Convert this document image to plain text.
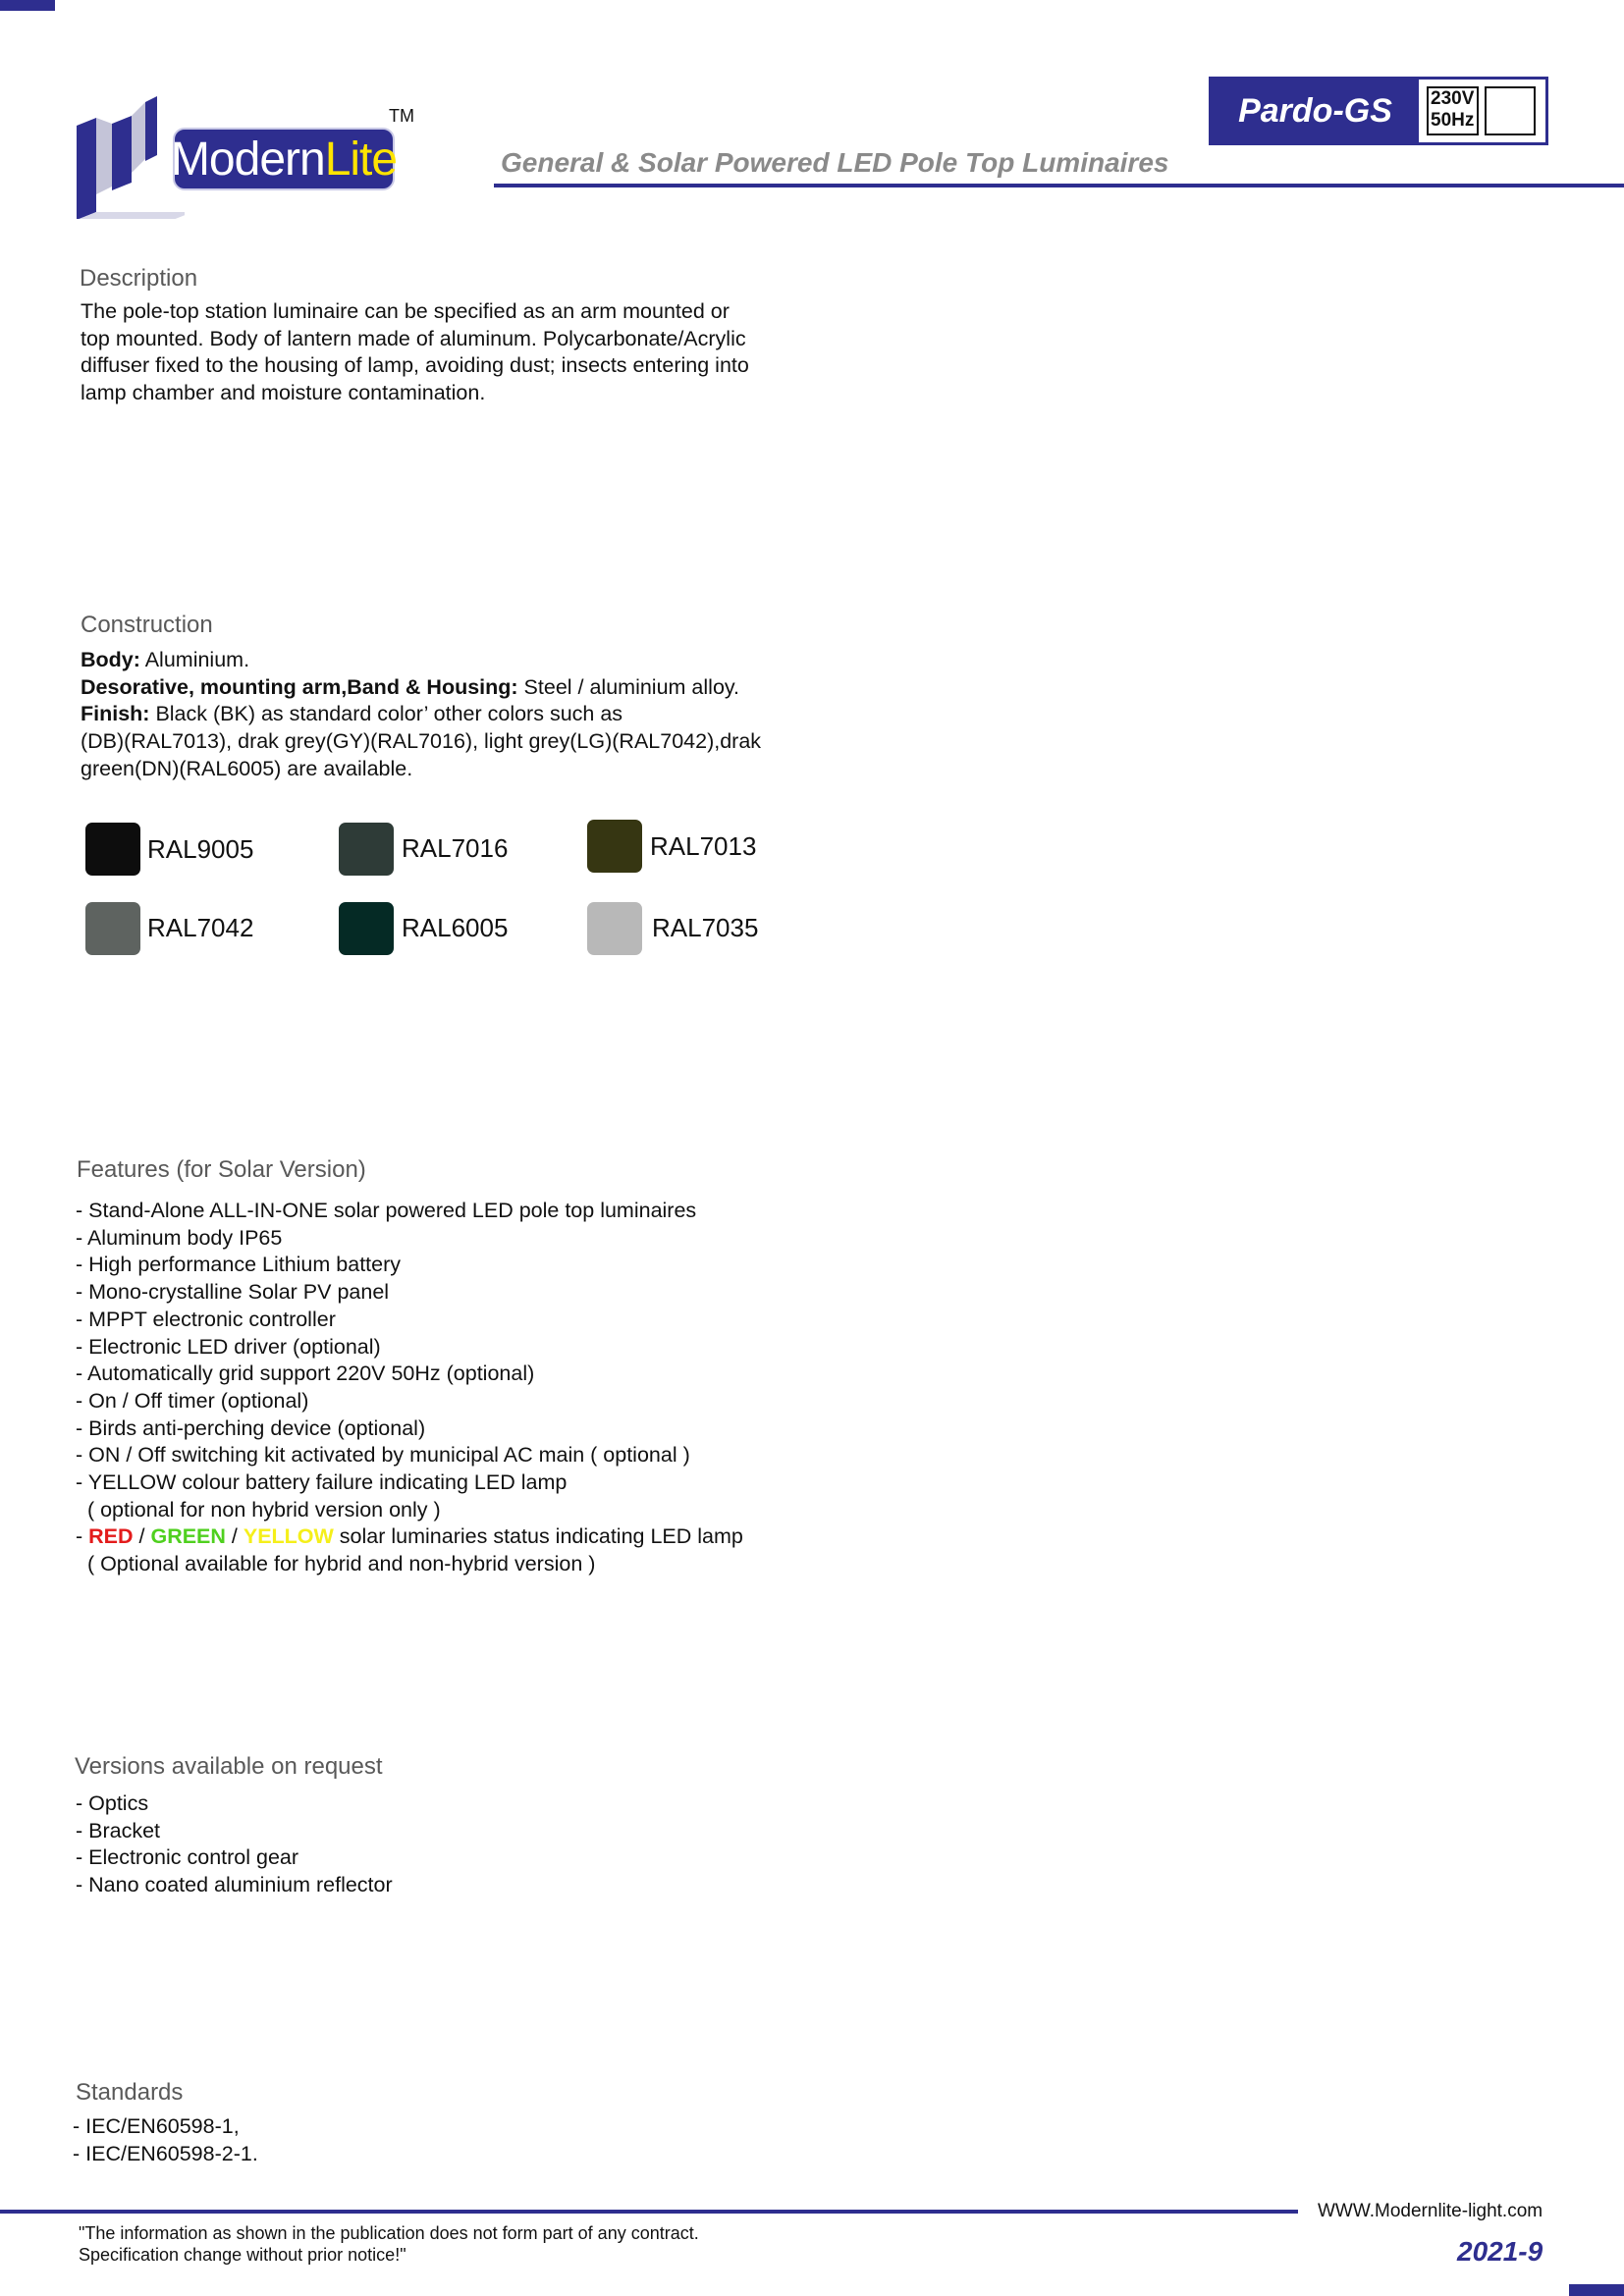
Modern Lite
TM	Pardo-GS	230V
50Hz
General & Solar Powered LED Pole Top Luminaires
Description
The pole-top station luminaire can be specified as an arm mounted or
top mounted. Body of lantern made of aluminum. Polycarbonate/Acrylic
diffuser fixed to the housing of lamp, avoiding dust; insects entering into
lamp chamber and moisture contamination.
Construction
Body: Aluminium.
Desorative, mounting arm,Band & Housing: Steel / aluminium alloy.
Finish: Black (BK) as standard color’ other colors such as
(DB)(RAL7013), drak grey(GY)(RAL7016), light grey(LG)(RAL7042),drak
green(DN)(RAL6005) are available.
RAL9005	RAL7016	RAL7013
RAL7042	RAL6005	RAL7035
Features (for Solar Version)
- Stand-Alone ALL-IN-ONE solar powered LED pole top luminaires
- Aluminum body IP65
- High performance Lithium battery
- Mono-crystalline Solar PV panel
- MPPT electronic controller
- Electronic LED driver (optional)
- Automatically grid support 220V 50Hz (optional)
- On / Off timer (optional)
- Birds anti-perching device (optional)
- ON / Off switching kit activated by municipal AC main ( optional )
- YELLOW colour battery failure indicating LED lamp
( optional for non hybrid version only )
- RED / GREEN / YELLOW solar luminaries status indicating LED lamp
( Optional available for hybrid and non-hybrid version )
Versions available on request
- Optics
- Bracket
- Electronic control gear
- Nano coated aluminium reflector
Standards
- IEC/EN60598-1,
- IEC/EN60598-2-1.
WWW.Modernlite-light.com
"The information as shown in the publication does not form part of any contract.
Specification change without prior notice!"	2021-9
